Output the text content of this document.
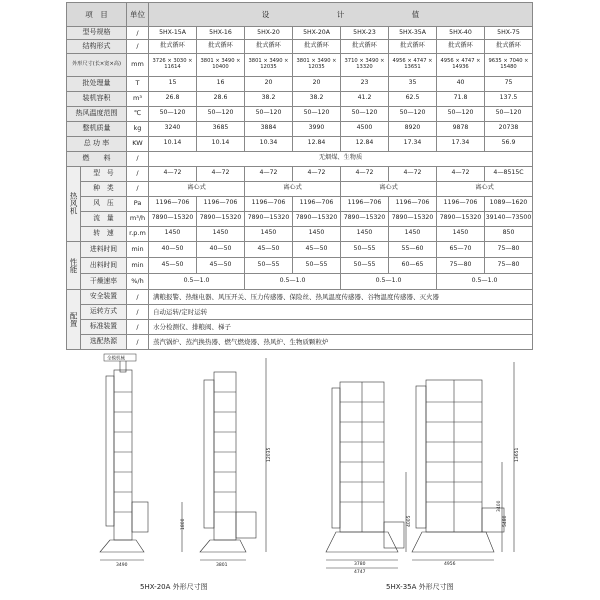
项　目		单位	设　　　　　　　　　计　　　　　　　　　值							
型号规格		/	5HX-15A	5HX-16	5HX-20	5HX-20A	5HX-23	5HX-35A	5HX-40	5HX-75
结构形式		/	批式循环	批式循环	批式循环	批式循环	批式循环	批式循环	批式循环	批式循环
外形尺寸(长×宽×高)		mm	3726 × 3030 × 11614	3801 × 3490 × 10400	3801 × 3490 × 12035	3801 × 3490 × 12035	3710 × 3490 × 13320	4956 × 4747 × 13651	4956 × 4747 × 14936	9635 × 7040 × 15480
批处理量		T	15	16	20	20	23	35	40	75
装机容积		m³	26.8	28.6	38.2	38.2	41.2	62.5	71.8	137.5
热风温度范围		℃	50—120	50—120	50—120	50—120	50—120	50—120	50—120	50—120
整机质量		kg	3240	3685	3884	3990	4500	8920	9878	20738
总 功 率		KW	10.14	10.14	10.34	12.84	12.84	17.34	17.34	56.9
燃　　料		/	无烟煤、生物质							
热风机	型　号	/	4—72	4—72	4—72	4—72	4—72	4—72	4—72	4—8515C
	种　类	/	离心式		离心式		离心式		离心式	
	风　压	Pa	1196—706	1196—706	1196—706	1196—706	1196—706	1196—706	1196—706	1089—1620
	流　量	m³/h	7890—15320	7890—15320	7890—15320	7890—15320	7890—15320	7890—15320	7890—15320	39140—73500
	转　速	r.p.m	1450	1450	1450	1450	1450	1450	1450	850
性能	进料时间	min	40—50	40—50	45—50	45—50	50—55	55—60	65—70	75—80
	出料时间	min	45—50	45—50	50—55	50—55	50—55	60—65	75—80	75—80
	干燥速率	%/h	0.5—1.0		0.5—1.0		0.5—1.0		0.5—1.0	
配置	安全装置	/	满粮报警、热继电器、风压开关、压力传感器、保险丝、热风温度传感器、谷物温度传感器、灭火器							
	运转方式	/	自动运转/定时运转							
	标准装置	/	水分检测仪、排粮阀、梯子							
	选配热源	/	蒸汽锅炉、蒸汽换热器、燃气燃烧器、热风炉、生物质颗粒炉							
全模机械
3490	3801
1800
12035
5HX-20A 外形尺寸图
3780
4747
4956
4005
3400
13651
5480
5HX-35A 外形尺寸图
